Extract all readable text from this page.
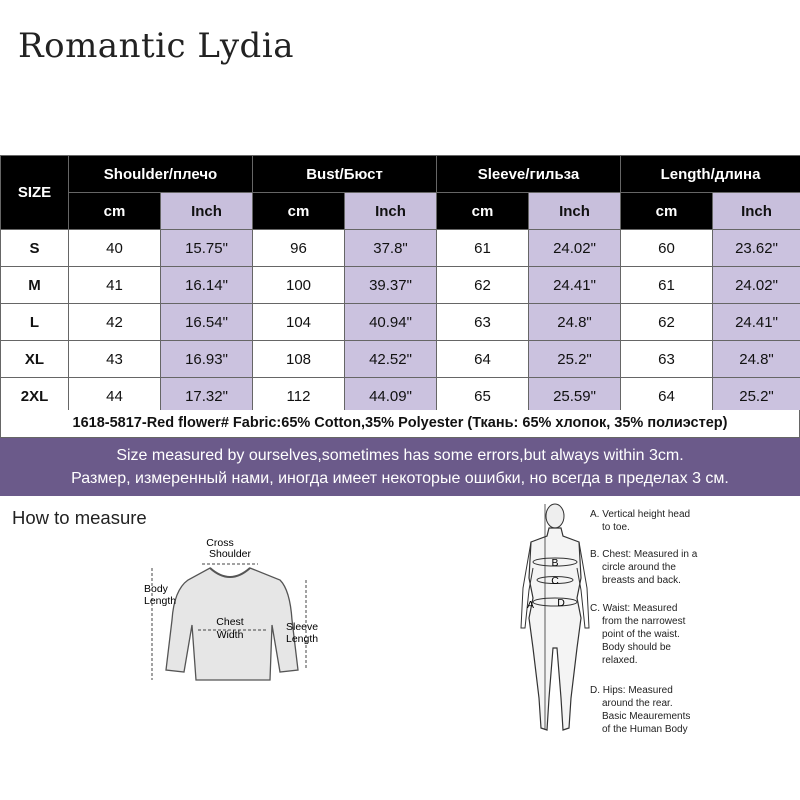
Romantic Lydia
SIZE	Shoulder/плечо		Bust/Бюст		Sleeve/гильза		Length/длина	
	cm	Inch	cm	Inch	cm	Inch	cm	Inch
S	40	15.75"	96	37.8"	61	24.02"	60	23.62"
M	41	16.14"	100	39.37"	62	24.41"	61	24.02"
L	42	16.54"	104	40.94"	63	24.8"	62	24.41"
XL	43	16.93"	108	42.52"	64	25.2"	63	24.8"
2XL	44	17.32"	112	44.09"	65	25.59"	64	25.2"
1618-5817-Red flower# Fabric:65% Cotton,35% Polyester (Ткань: 65% хлопок, 35% полиэстер)
Size measured by ourselves,sometimes has some errors,but always within 3cm.
Размер, измеренный нами, иногда имеет некоторые ошибки, но всегда в пределах 3 см.
How to measure
Cross
Shoulder
Body
Length
Chest
Width
Sleeve
Length
B
C
D
A
A. Vertical height head
to toe.
B. Chest: Measured in a
circle around the
breasts and back.
C. Waist: Measured
from the narrowest
point of the waist.
Body should be
relaxed.
D. Hips: Measured
around the rear.
Basic Meaurements
of the Human Body
